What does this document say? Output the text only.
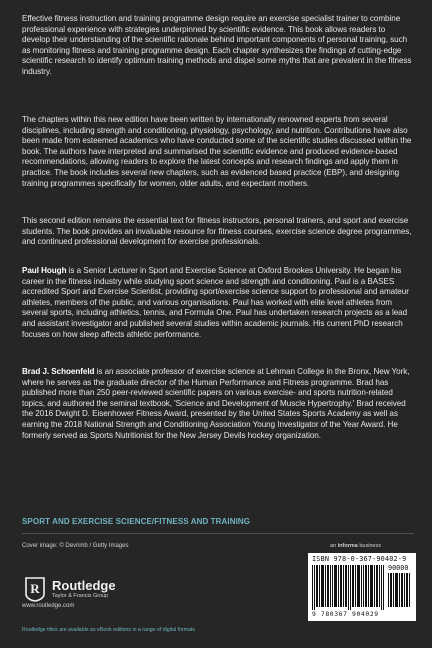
Effective fitness instruction and training programme design require an exercise specialist trainer to combine professional experience with strategies underpinned by scientific evidence. This book allows readers to develop their understanding of the scientific rationale behind important components of personal training, such as monitoring fitness and training programme design. Each chapter synthesizes the findings of cutting-edge scientific research to identify optimum training methods and dispel some myths that are prevalent in the fitness industry.

The chapters within this new edition have been written by internationally renowned experts from several disciplines, including strength and conditioning, physiology, psychology, and nutrition. Contributions have also been made from esteemed academics who have conducted some of the scientific studies discussed within the book. The authors have interpreted and summarised the scientific evidence and produced evidence-based recommendations, allowing readers to explore the latest concepts and research findings and apply them in practice. The book includes several new chapters, such as evidenced based practice (EBP), and designing training programmes specifically for women, older adults, and expectant mothers.

This second edition remains the essential text for fitness instructors, personal trainers, and sport and exercise students. The book provides an invaluable resource for fitness courses, exercise science degree programmes, and continued professional development for exercise professionals.

Paul Hough is a Senior Lecturer in Sport and Exercise Science at Oxford Brookes University. He began his career in the fitness industry while studying sport science and strength and conditioning. Paul is a BASES accredited Sport and Exercise Scientist, providing sport/exercise science support to professional and amateur athletes, members of the public, and various organisations. Paul has worked with elite level athletes from several sports, including athletics, tennis, and Formula One. Paul has undertaken research projects as a lead and assistant investigator and published several studies within academic journals. His current PhD research focuses on how sleep affects athletic performance.

Brad J. Schoenfeld is an associate professor of exercise science at Lehman College in the Bronx, New York, where he serves as the graduate director of the Human Performance and Fitness programme. Brad has published more than 250 peer-reviewed scientific papers on various exercise- and sports nutrition-related topics, and authored the seminal textbook, 'Science and Development of Muscle Hypertrophy.' Brad received the 2016 Dwight D. Eisenhower Fitness Award, presented by the United States Sports Academy as well as earning the 2018 National Strength and Conditioning Association Young Investigator of the Year Award. He formerly served as Sports Nutritionist for the New Jersey Devils hockey organization.

SPORT AND EXERCISE SCIENCE/FITNESS AND TRAINING
Cover image: © Devrimb / Getty Images	an informa business
R Routledge
Taylor & Francis Group
www.routledge.com
ISBN 978-0-367-90402-9
90000
9 780367 904029
Routledge titles are available as eBook editions in a range of digital formats
